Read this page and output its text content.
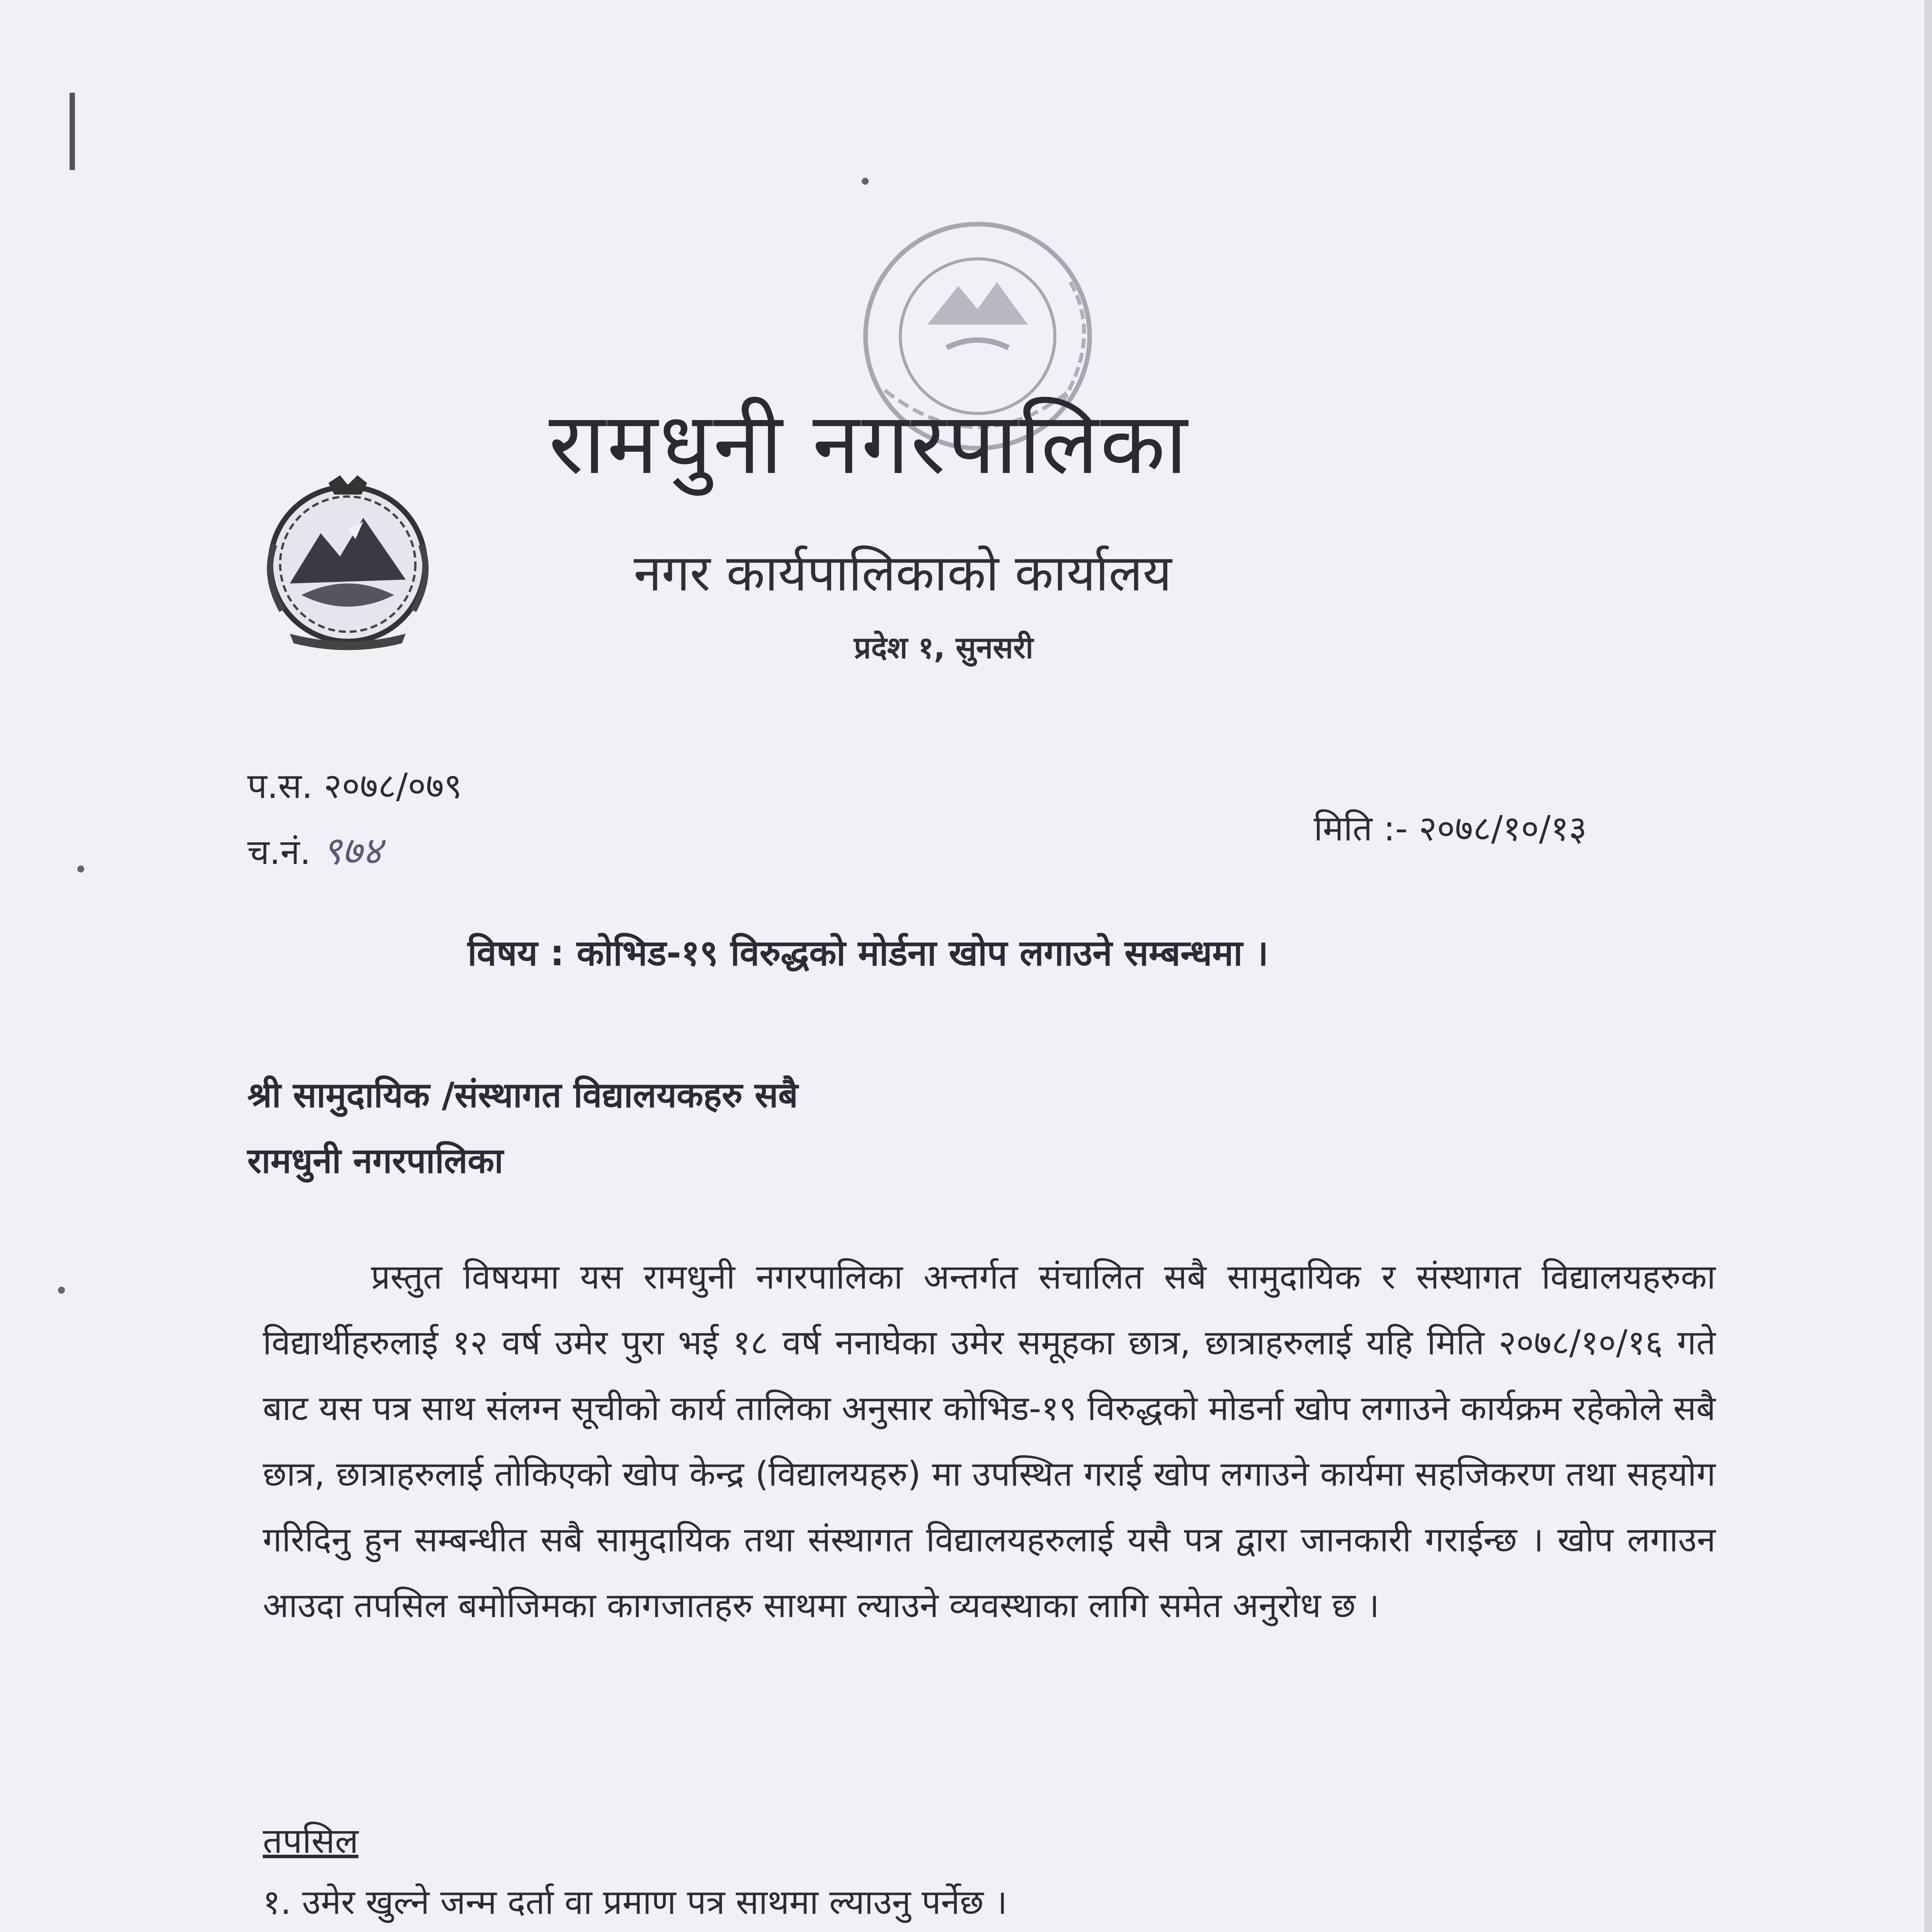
रामधुनी नगरपालिका
नगर कार्यपालिकाको कार्यालय
प्रदेश १, सुनसरी
प.स. २०७८/०७९
च.नं. ९७४	मिति :- २०७८/१०/१३
विषय : कोभिड-१९ विरुद्धको मोर्डना खोप लगाउने सम्बन्धमा ।
श्री सामुदायिक /संस्थागत विद्यालयकहरु सबै
रामधुनी नगरपालिका
प्रस्तुत विषयमा यस रामधुनी नगरपालिका अन्तर्गत संचालित सबै सामुदायिक र संस्थागत विद्यालयहरुका विद्यार्थीहरुलाई १२ वर्ष उमेर पुरा भई १८ वर्ष ननाघेका उमेर समूहका छात्र, छात्राहरुलाई यहि मिति २०७८/१०/१६ गते बाट यस पत्र साथ संलग्न सूचीको कार्य तालिका अनुसार कोभिड-१९ विरुद्धको मोडर्ना खोप लगाउने कार्यक्रम रहेकोले सबै छात्र, छात्राहरुलाई तोकिएको खोप केन्द्र (विद्यालयहरु) मा उपस्थित गराई खोप लगाउने कार्यमा सहजिकरण तथा सहयोग गरिदिनु हुन सम्बन्धीत सबै सामुदायिक तथा संस्थागत विद्यालयहरुलाई यसै पत्र द्वारा जानकारी गराईन्छ । खोप लगाउन आउदा तपसिल बमोजिमका कागजातहरु साथमा ल्याउने व्यवस्थाका लागि समेत अनुरोध छ ।
तपसिल
१. उमेर खुल्ने जन्म दर्ता वा प्रमाण पत्र साथमा ल्याउनु पर्नेछ ।
